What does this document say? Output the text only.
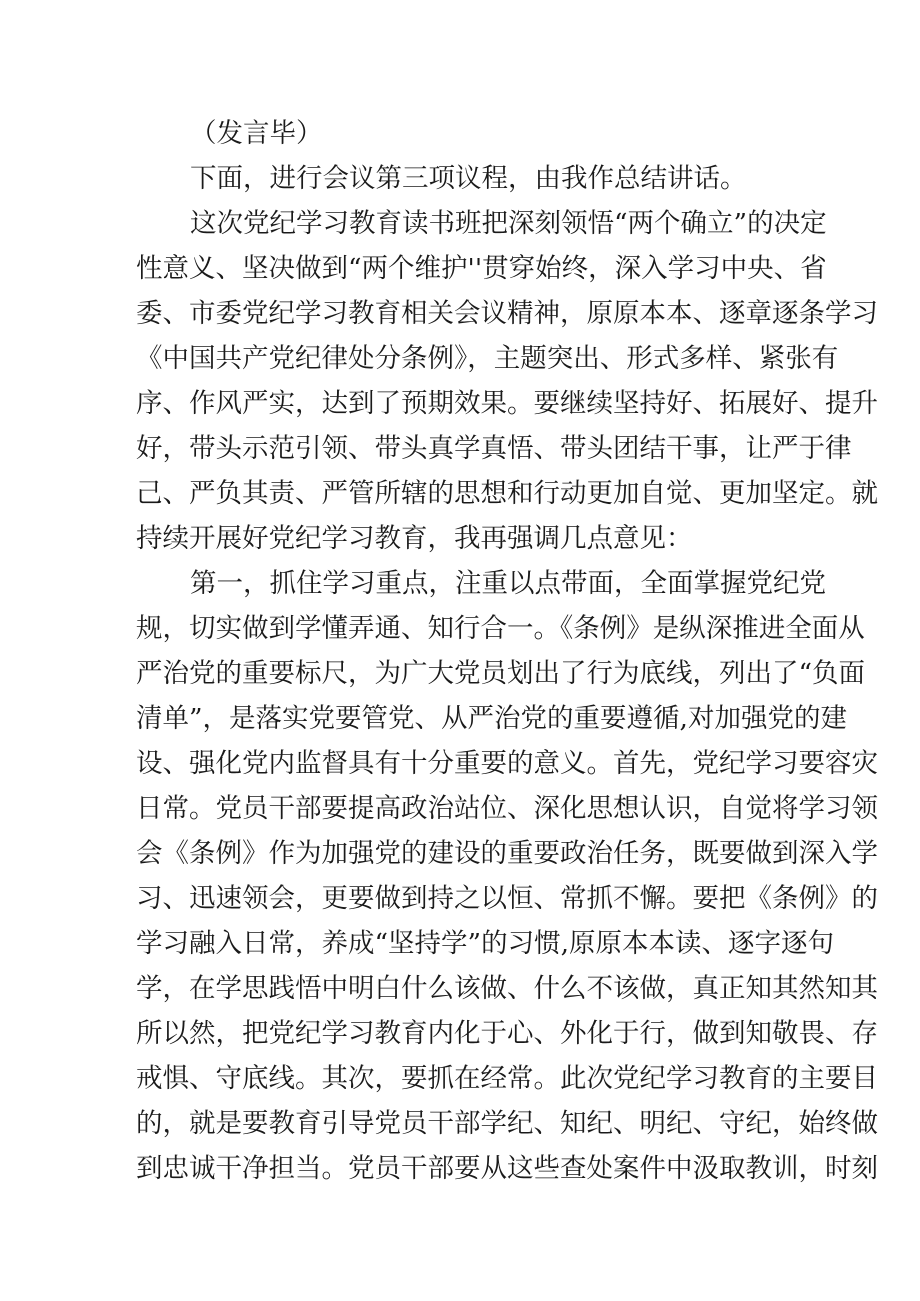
（发言毕）
下面，进行会议第三项议程，由我作总结讲话。
这次党纪学习教育读书班把深刻领悟“两个确立”的决定
性意义、坚决做到“两个维护''贯穿始终，深入学习中央、省
委、市委党纪学习教育相关会议精神，原原本本、逐章逐条学习
《中国共产党纪律处分条例》，主题突出、形式多样、紧张有
序、作风严实，达到了预期效果。要继续坚持好、拓展好、提升
好，带头示范引领、带头真学真悟、带头团结干事，让严于律
己、严负其责、严管所辖的思想和行动更加自觉、更加坚定。就
持续开展好党纪学习教育，我再强调几点意见：
第一，抓住学习重点，注重以点带面，全面掌握党纪党
规，切实做到学懂弄通、知行合一。《条例》是纵深推进全面从
严治党的重要标尺，为广大党员划出了行为底线，列出了“负面
清单”，是落实党要管党、从严治党的重要遵循,对加强党的建
设、强化党内监督具有十分重要的意义。首先，党纪学习要容灾
日常。党员干部要提高政治站位、深化思想认识，自觉将学习领
会《条例》作为加强党的建设的重要政治任务，既要做到深入学
习、迅速领会，更要做到持之以恒、常抓不懈。要把《条例》的
学习融入日常，养成“坚持学”的习惯,原原本本读、逐字逐句
学，在学思践悟中明白什么该做、什么不该做，真正知其然知其
所以然，把党纪学习教育内化于心、外化于行，做到知敬畏、存
戒惧、守底线。其次，要抓在经常。此次党纪学习教育的主要目
的，就是要教育引导党员干部学纪、知纪、明纪、守纪，始终做
到忠诚干净担当。党员干部要从这些查处案件中汲取教训，时刻
